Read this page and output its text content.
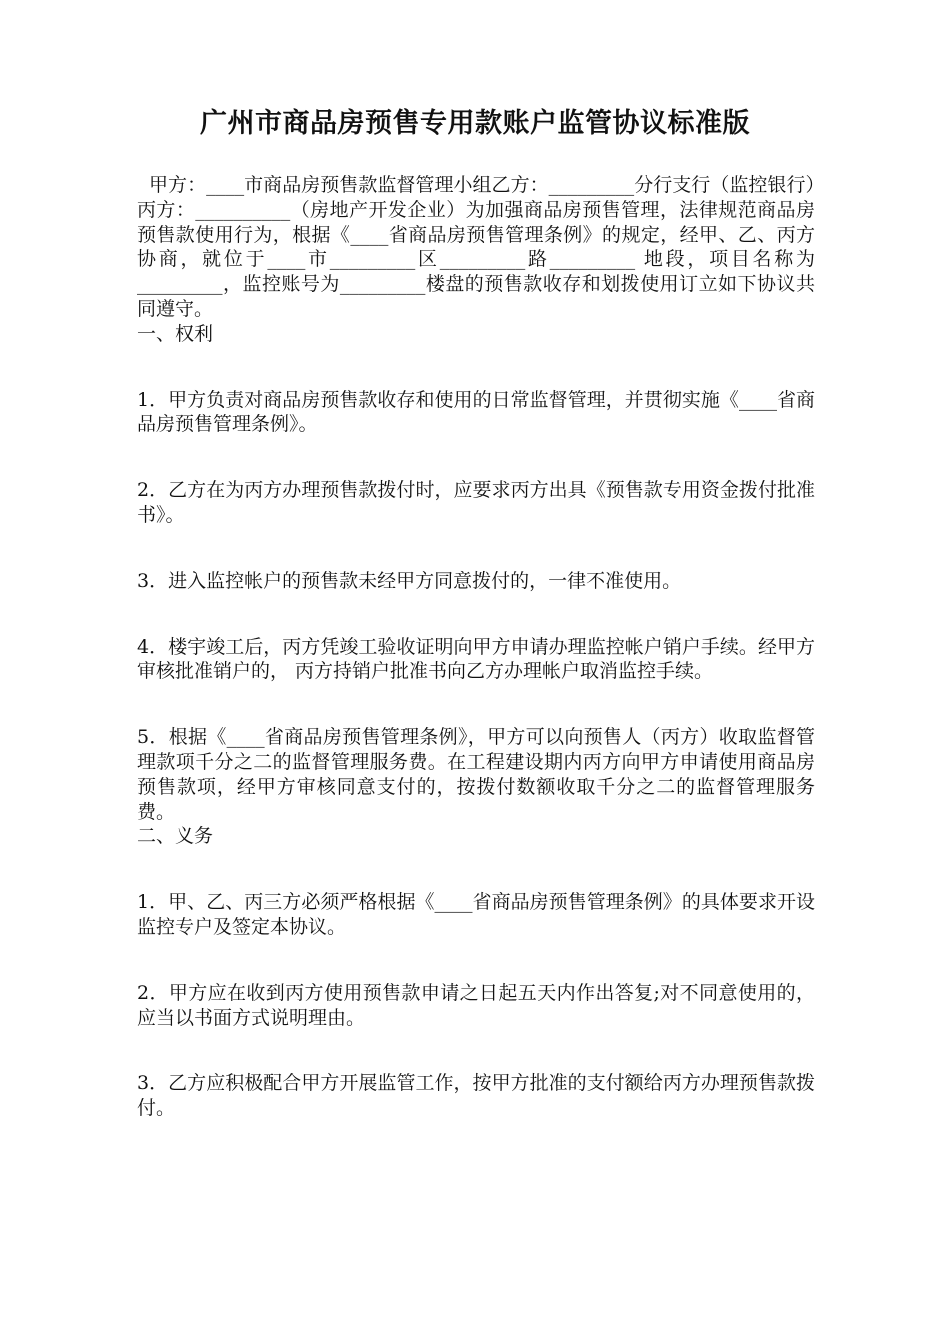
广州市商品房预售专用款账户监管协议标准版

甲方：____市商品房预售款监督管理小组乙方：_________分行支行（监控银行）丙方：__________（房地产开发企业）为加强商品房预售管理，法律规范商品房预售款使用行为，根据《____省商品房预售管理条例》的规定，经甲、乙、丙方协商，就位于____市_________区_________路_________ 地段，项目名称为_________，监控账号为_________楼盘的预售款收存和划拨使用订立如下协议共同遵守。

一、权利

1．甲方负责对商品房预售款收存和使用的日常监督管理，并贯彻实施《____省商品房预售管理条例》。

2．乙方在为丙方办理预售款拨付时，应要求丙方出具《预售款专用资金拨付批准书》。

3．进入监控帐户的预售款未经甲方同意拨付的，一律不准使用。

4．楼宇竣工后，丙方凭竣工验收证明向甲方申请办理监控帐户销户手续。经甲方审核批准销户的， 丙方持销户批准书向乙方办理帐户取消监控手续。

5．根据《____省商品房预售管理条例》，甲方可以向预售人（丙方）收取监督管理款项千分之二的监督管理服务费。在工程建设期内丙方向甲方申请使用商品房预售款项，经甲方审核同意支付的，按拨付数额收取千分之二的监督管理服务费。

二、义务

1．甲、乙、丙三方必须严格根据《____省商品房预售管理条例》的具体要求开设监控专户及签定本协议。

2．甲方应在收到丙方使用预售款申请之日起五天内作出答复;对不同意使用的，应当以书面方式说明理由。

3．乙方应积极配合甲方开展监管工作，按甲方批准的支付额给丙方办理预售款拨付。
